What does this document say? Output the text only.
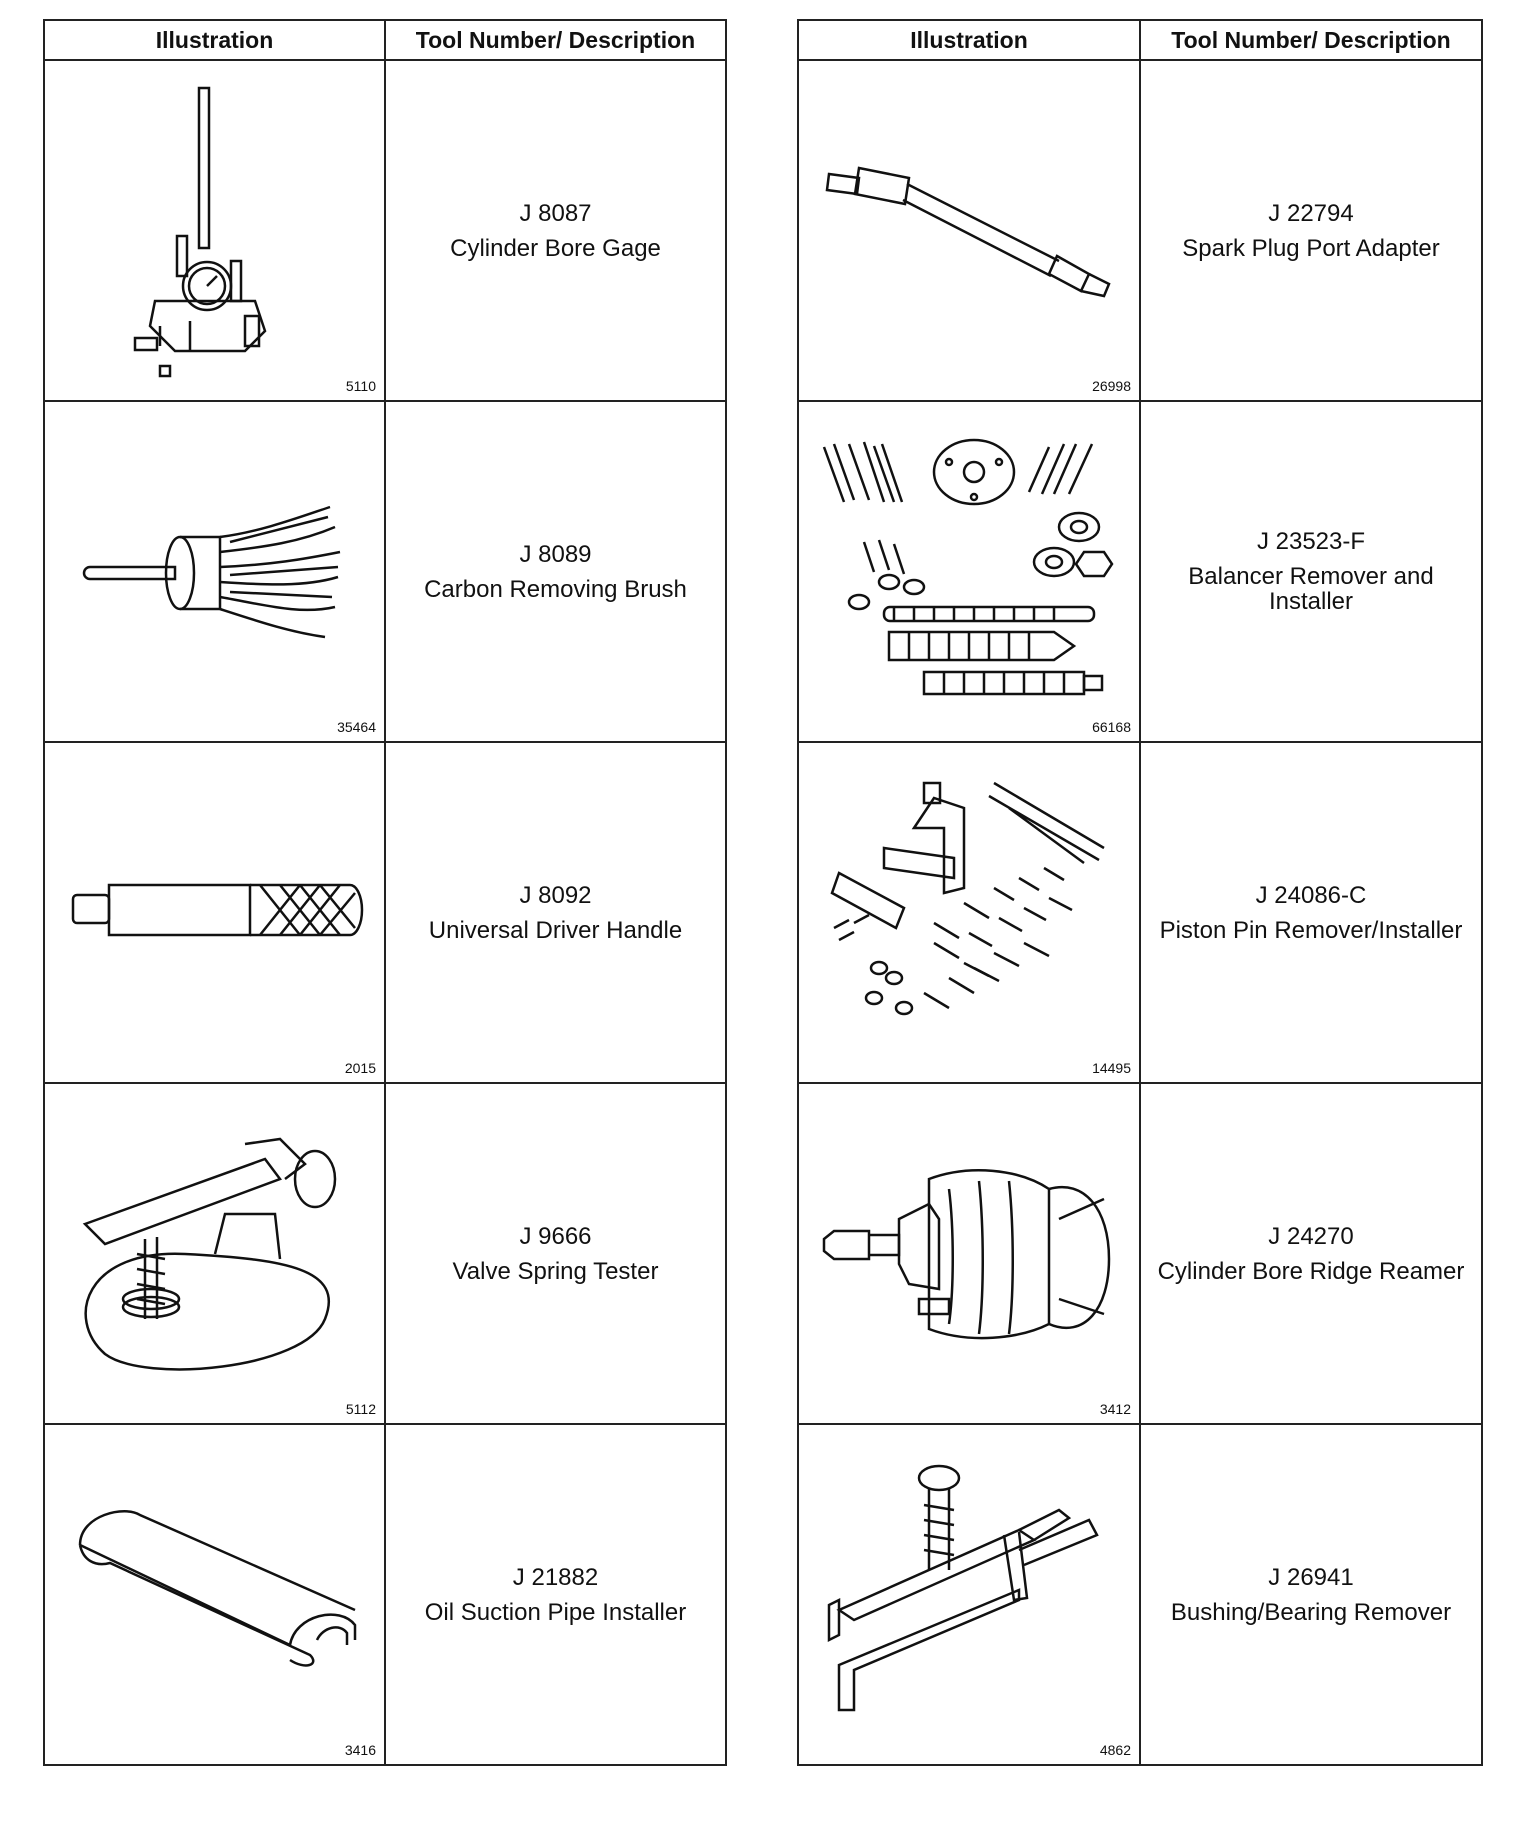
Illustration	Tool Number/ Description

5110	J 8087
Cylinder Bore Gage

35464	J 8089
Carbon Removing Brush

2015	J 8092
Universal Driver Handle

5112	J 9666
Valve Spring Tester

3416	J 21882
Oil Suction Pipe Installer
Illustration	Tool Number/ Description

26998	J 22794
Spark Plug Port Adapter

66168	J 23523-F
Balancer Remover and Installer

14495	J 24086-C
Piston Pin Remover/Installer

3412	J 24270
Cylinder Bore Ridge Reamer

4862	J 26941
Bushing/Bearing Remover
